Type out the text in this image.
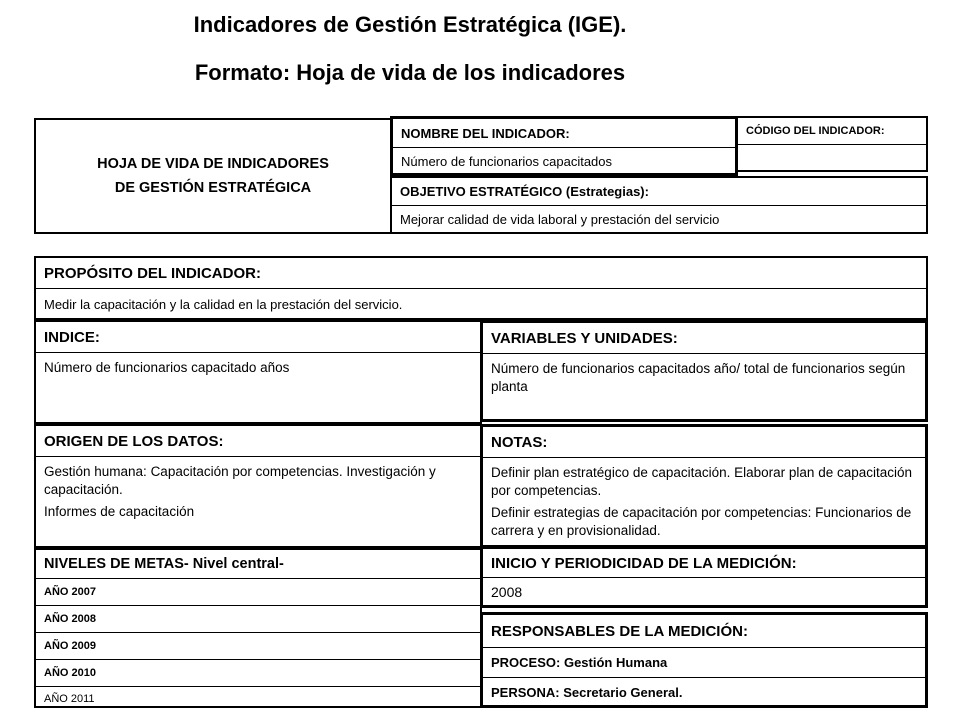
Indicadores de Gestión Estratégica (IGE).
Formato: Hoja de vida de los indicadores
HOJA DE VIDA DE INDICADORES
DE GESTIÓN ESTRATÉGICA
NOMBRE DEL INDICADOR:
Número de funcionarios capacitados
CÓDIGO DEL INDICADOR:
OBJETIVO ESTRATÉGICO (Estrategias):
Mejorar calidad de vida laboral y prestación del servicio
PROPÓSITO DEL INDICADOR:
Medir la capacitación y la calidad en la prestación del servicio.
INDICE:
Número de funcionarios capacitado años
VARIABLES Y UNIDADES:
Número de funcionarios capacitados año/ total de funcionarios según planta
ORIGEN DE LOS DATOS:

Gestión humana: Capacitación por competencias. Investigación y capacitación.

Informes de capacitación

NOTAS:

Definir plan estratégico de capacitación. Elaborar plan de capacitación por competencias.

Definir estrategias de capacitación por competencias: Funcionarios de carrera y en provisionalidad.

NIVELES DE METAS- Nivel central-
AÑO 2007
AÑO 2008
AÑO 2009
AÑO 2010
AÑO 2011
INICIO Y PERIODICIDAD DE LA MEDICIÓN:
2008
RESPONSABLES DE LA MEDICIÓN:
PROCESO: Gestión Humana
PERSONA: Secretario General.
